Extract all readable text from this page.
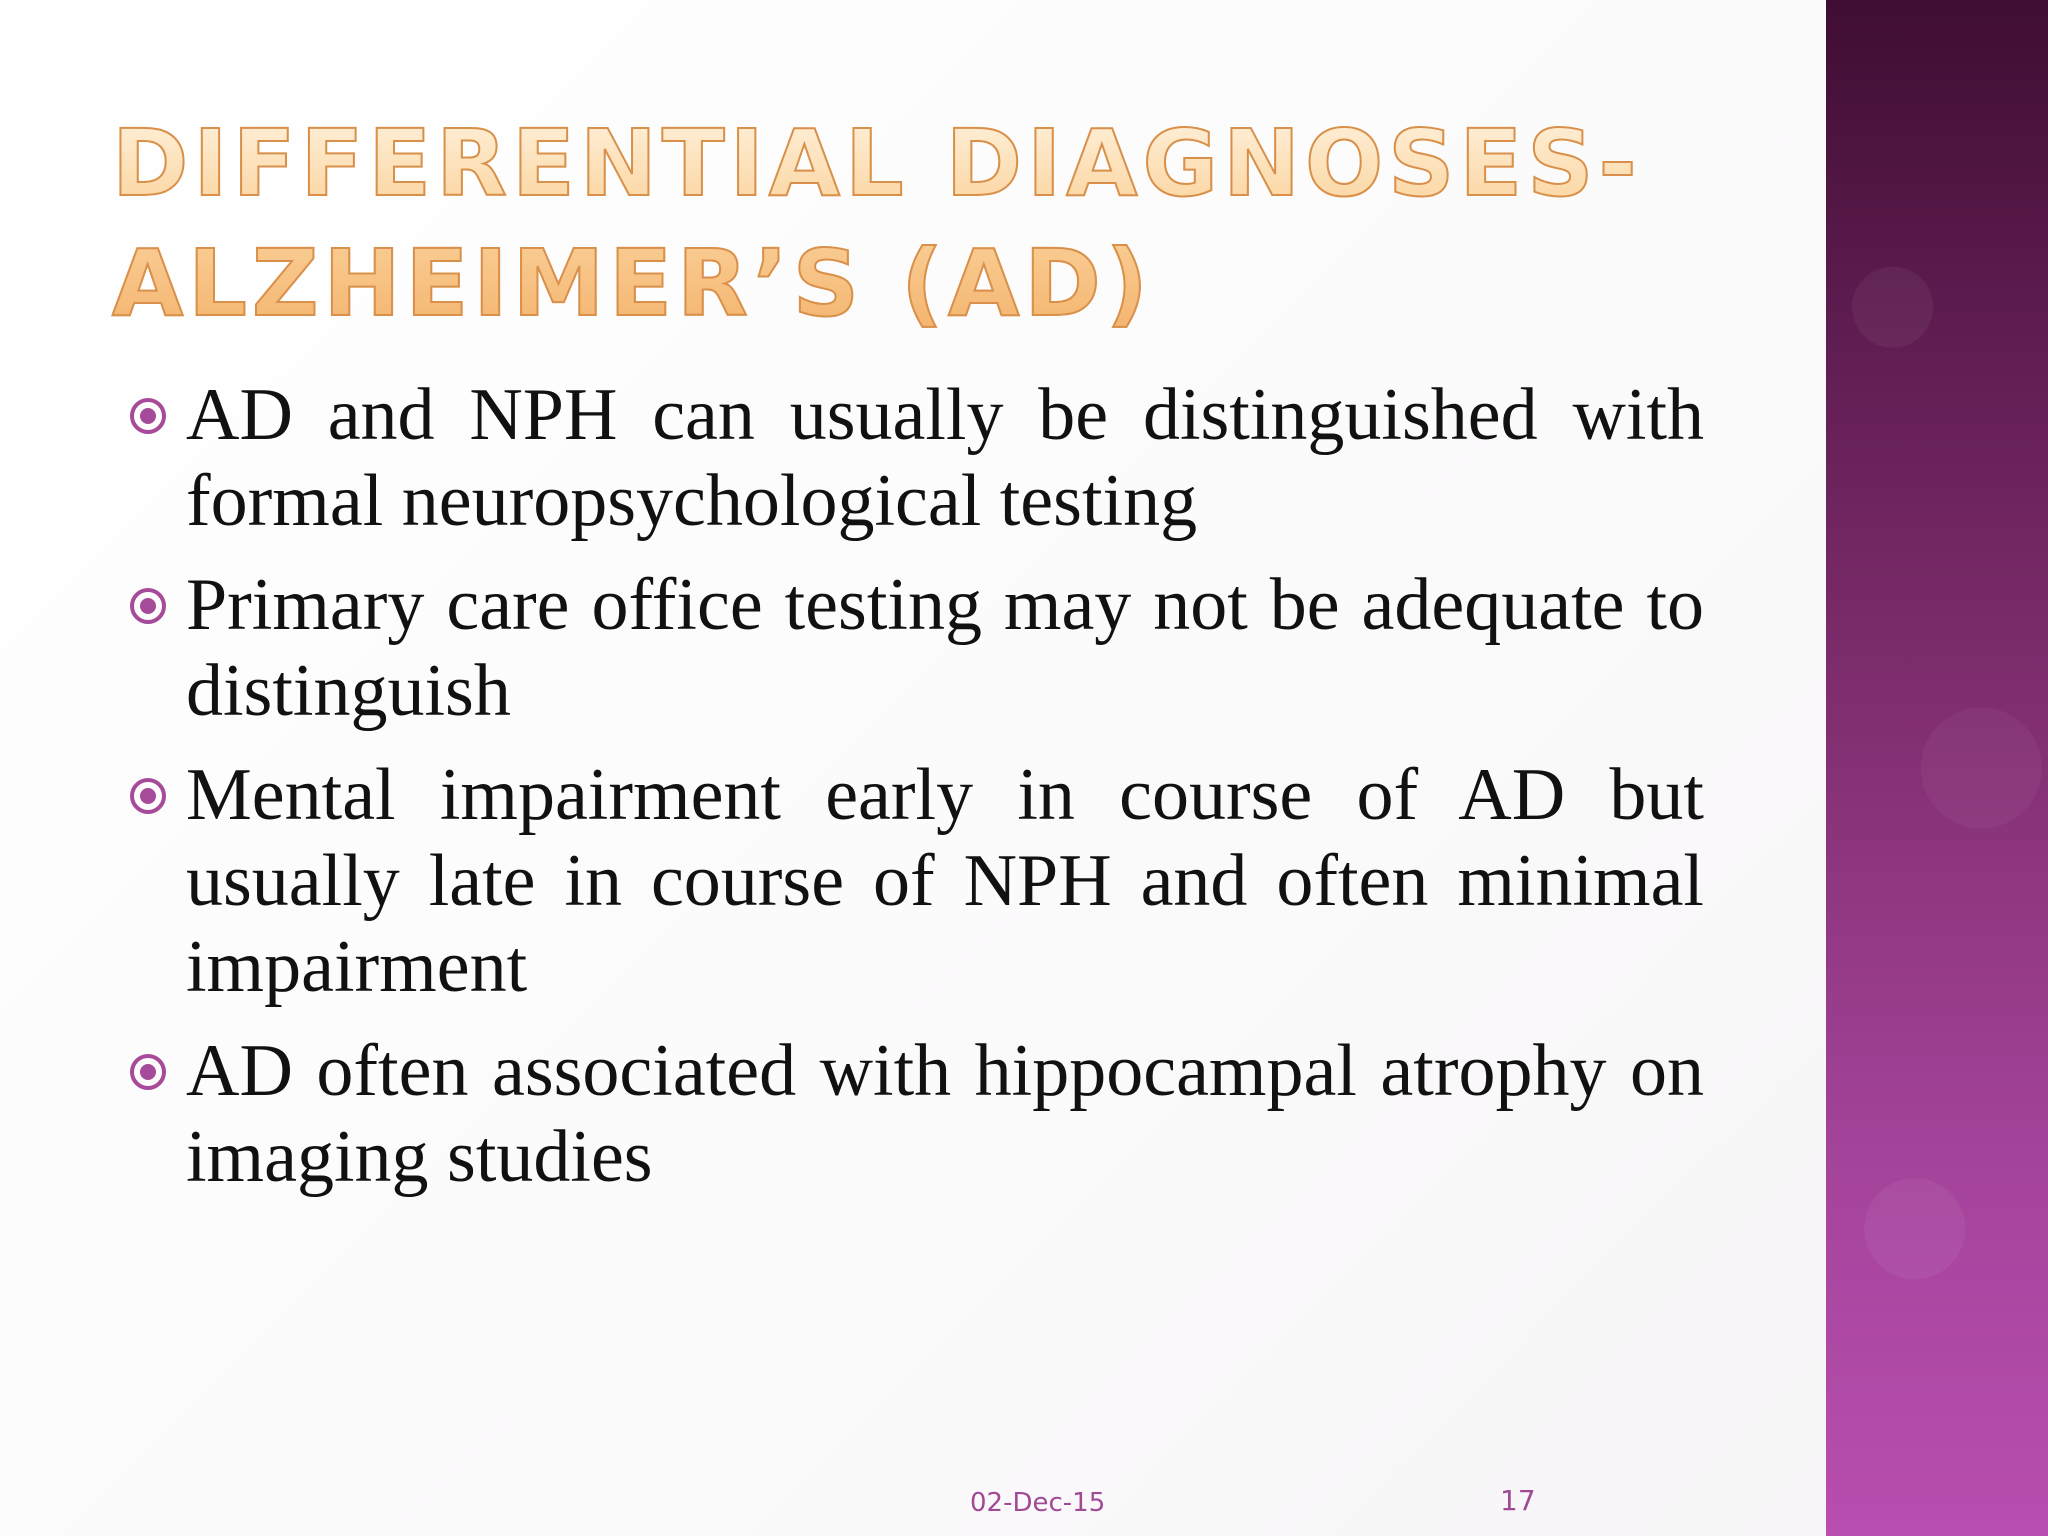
DIFFERENTIAL DIAGNOSES-
ALZHEIMER’S (AD)
AD and NPH can usually be distinguished with formal neuropsychological testing
Primary care office testing may not be adequate to distinguish
Mental impairment early in course of AD but usually late in course of NPH and often minimal impairment
AD often associated with hippocampal atrophy on imaging studies
02-Dec-15	17
